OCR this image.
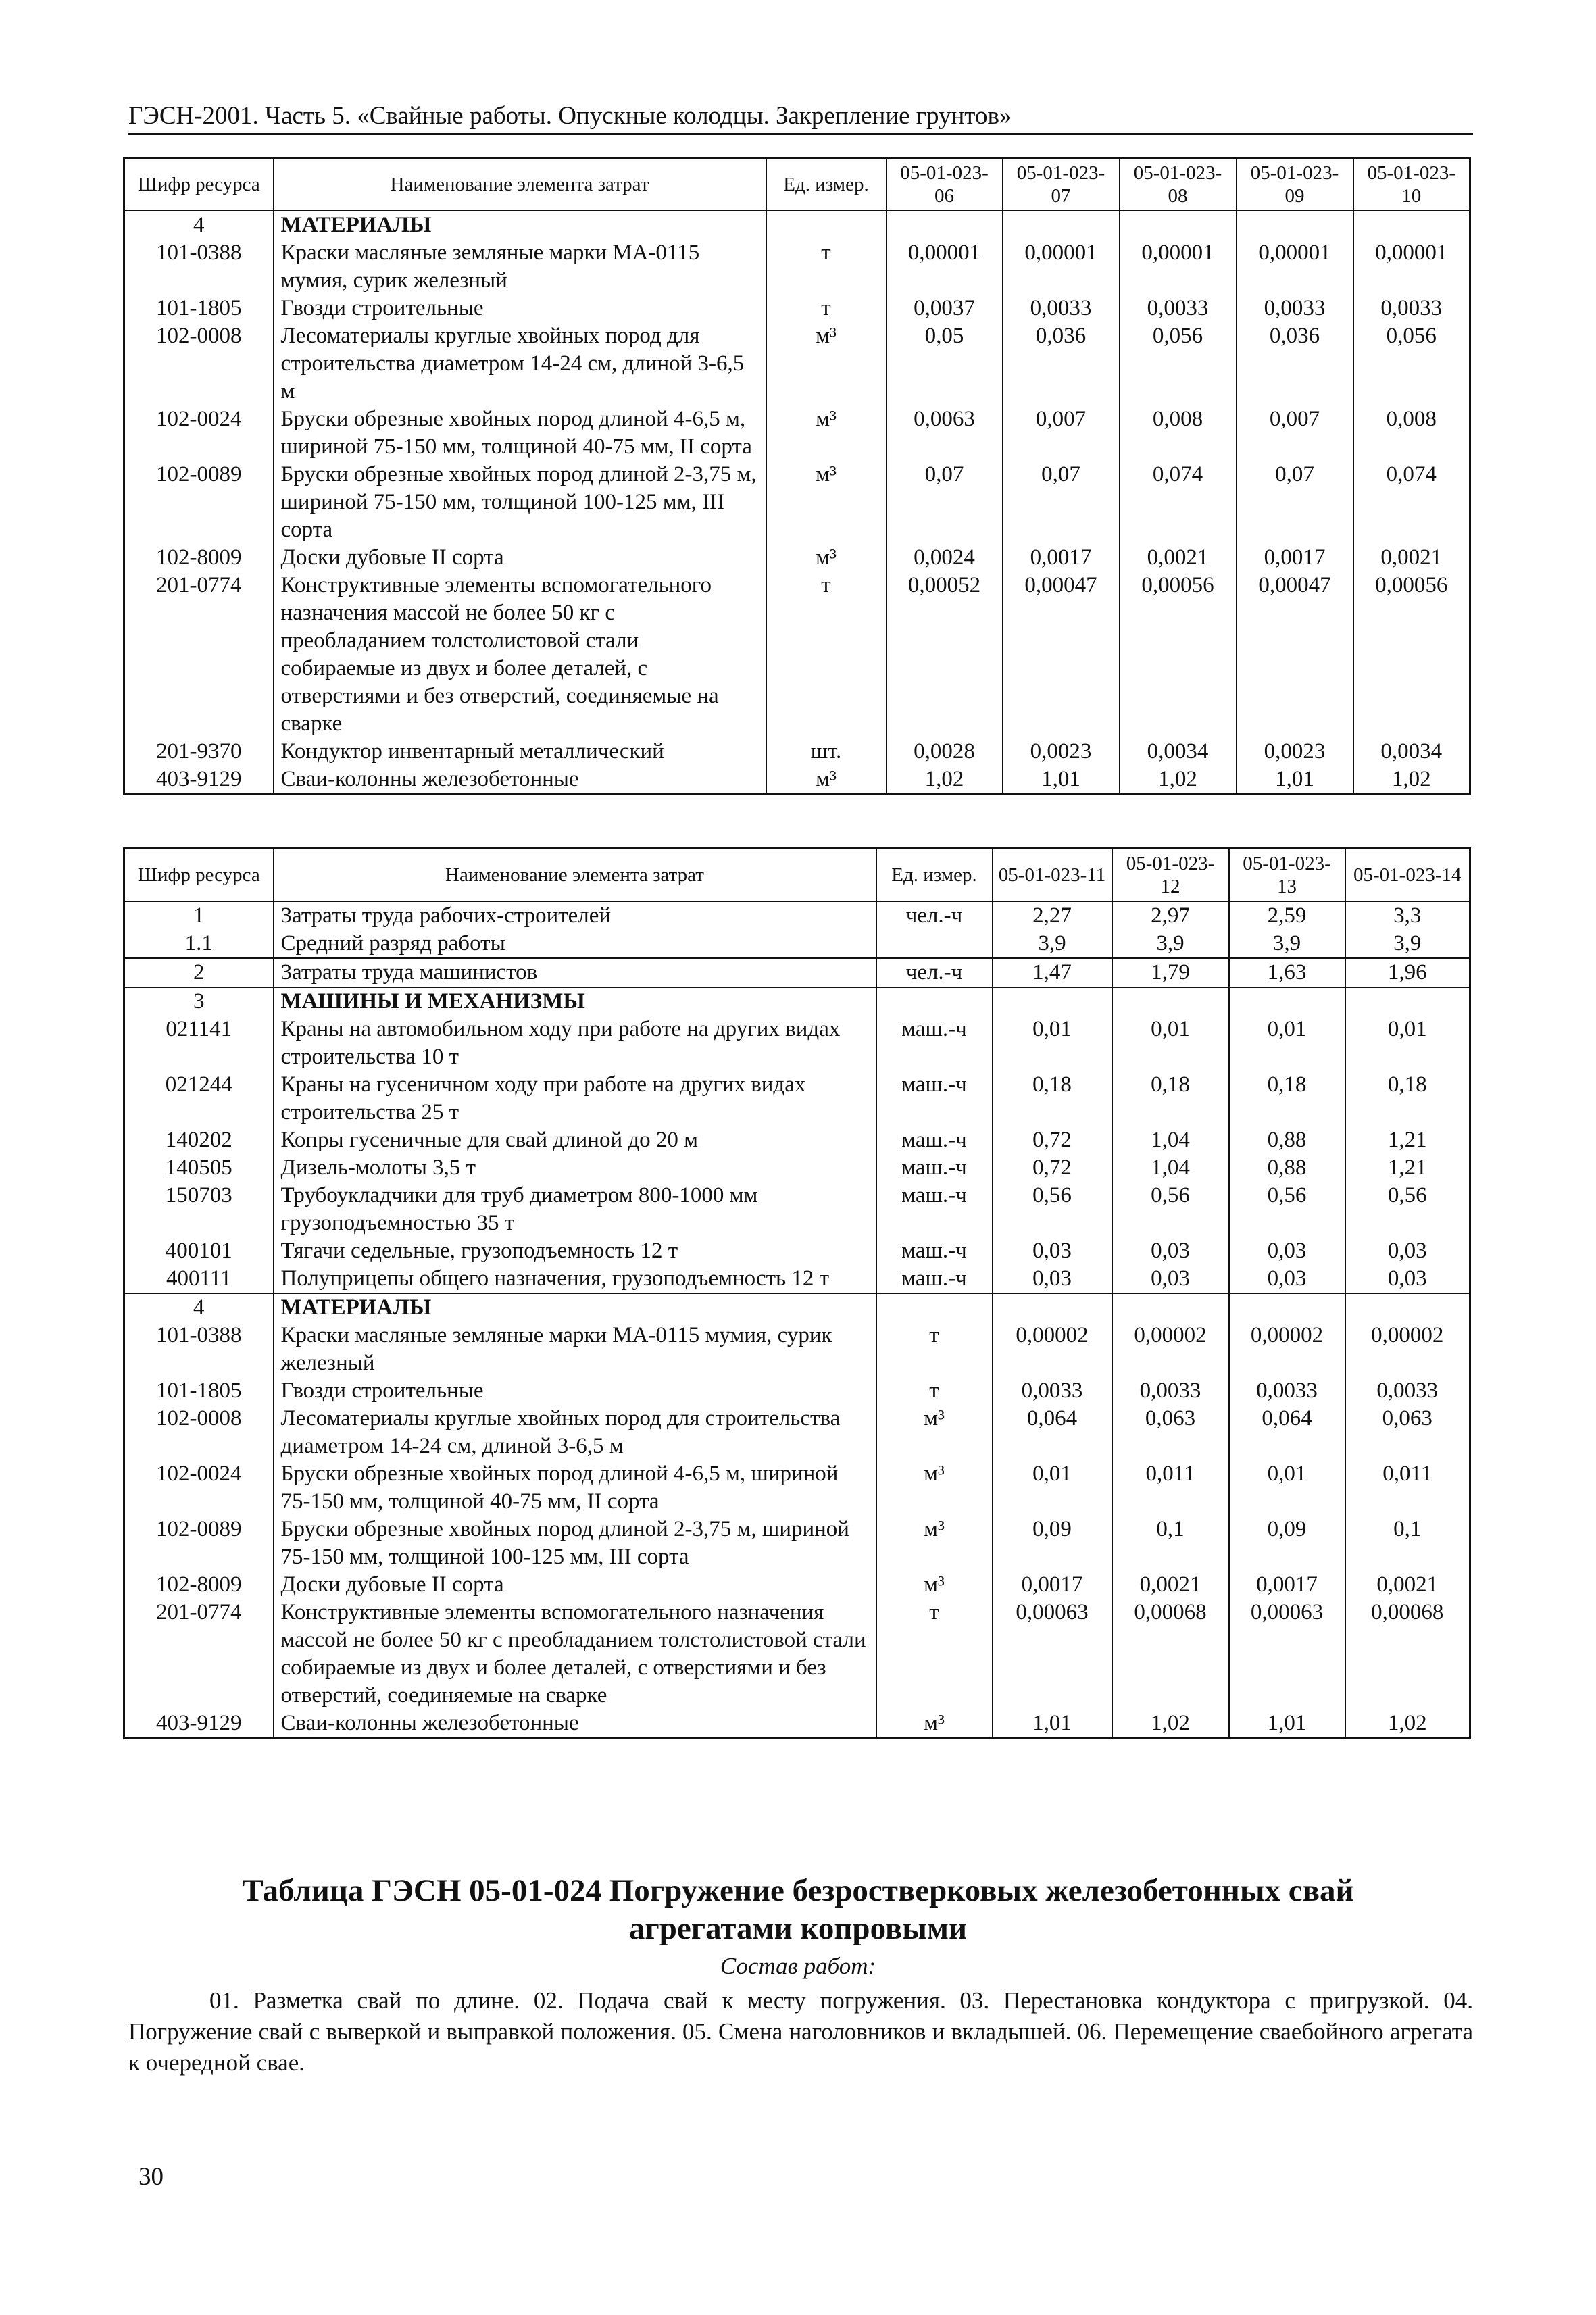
ГЭСН-2001. Часть 5. «Свайные работы. Опускные колодцы. Закрепление грунтов»
Шифр ресурса	Наименование элемента затрат	Ед. измер.	05-01-023-06	05-01-023-07	05-01-023-08	05-01-023-09	05-01-023-10
4	МАТЕРИАЛЫ						
101-0388	Краски масляные земляные марки МА-0115 мумия, сурик железный	т	0,00001	0,00001	0,00001	0,00001	0,00001
101-1805	Гвозди строительные	т	0,0037	0,0033	0,0033	0,0033	0,0033
102-0008	Лесоматериалы круглые хвойных пород для строительства диаметром 14-24 см, длиной 3-6,5 м	м³	0,05	0,036	0,056	0,036	0,056
102-0024	Бруски обрезные хвойных пород длиной 4-6,5 м, шириной 75-150 мм, толщиной 40-75 мм, II сорта	м³	0,0063	0,007	0,008	0,007	0,008
102-0089	Бруски обрезные хвойных пород длиной 2-3,75 м, шириной 75-150 мм, толщиной 100-125 мм, III сорта	м³	0,07	0,07	0,074	0,07	0,074
102-8009	Доски дубовые II сорта	м³	0,0024	0,0017	0,0021	0,0017	0,0021
201-0774	Конструктивные элементы вспомогательного назначения массой не более 50 кг с преобладанием толстолистовой стали собираемые из двух и более деталей, с отверстиями и без отверстий, соединяемые на сварке	т	0,00052	0,00047	0,00056	0,00047	0,00056
201-9370	Кондуктор инвентарный металлический	шт.	0,0028	0,0023	0,0034	0,0023	0,0034
403-9129	Сваи-колонны железобетонные	м³	1,02	1,01	1,02	1,01	1,02
Шифр ресурса	Наименование элемента затрат	Ед. измер.	05-01-023-11	05-01-023-12	05-01-023-13	05-01-023-14
1	Затраты труда рабочих-строителей	чел.-ч	2,27	2,97	2,59	3,3
1.1	Средний разряд работы		3,9	3,9	3,9	3,9
2	Затраты труда машинистов	чел.-ч	1,47	1,79	1,63	1,96
3	МАШИНЫ И МЕХАНИЗМЫ					
021141	Краны на автомобильном ходу при работе на других видах строительства 10 т	маш.-ч	0,01	0,01	0,01	0,01
021244	Краны на гусеничном ходу при работе на других видах строительства 25 т	маш.-ч	0,18	0,18	0,18	0,18
140202	Копры гусеничные для свай длиной до 20 м	маш.-ч	0,72	1,04	0,88	1,21
140505	Дизель-молоты 3,5 т	маш.-ч	0,72	1,04	0,88	1,21
150703	Трубоукладчики для труб диаметром 800-1000 мм грузоподъемностью 35 т	маш.-ч	0,56	0,56	0,56	0,56
400101	Тягачи седельные, грузоподъемность 12 т	маш.-ч	0,03	0,03	0,03	0,03
400111	Полуприцепы общего назначения, грузоподъемность 12 т	маш.-ч	0,03	0,03	0,03	0,03
4	МАТЕРИАЛЫ					
101-0388	Краски масляные земляные марки МА-0115 мумия, сурик железный	т	0,00002	0,00002	0,00002	0,00002
101-1805	Гвозди строительные	т	0,0033	0,0033	0,0033	0,0033
102-0008	Лесоматериалы круглые хвойных пород для строительства диаметром 14-24 см, длиной 3-6,5 м	м³	0,064	0,063	0,064	0,063
102-0024	Бруски обрезные хвойных пород длиной 4-6,5 м, шириной 75-150 мм, толщиной 40-75 мм, II сорта	м³	0,01	0,011	0,01	0,011
102-0089	Бруски обрезные хвойных пород длиной 2-3,75 м, шириной 75-150 мм, толщиной 100-125 мм, III сорта	м³	0,09	0,1	0,09	0,1
102-8009	Доски дубовые II сорта	м³	0,0017	0,0021	0,0017	0,0021
201-0774	Конструктивные элементы вспомогательного назначения массой не более 50 кг с преобладанием толстолистовой стали собираемые из двух и более деталей, с отверстиями и без отверстий, соединяемые на сварке	т	0,00063	0,00068	0,00063	0,00068
403-9129	Сваи-колонны железобетонные	м³	1,01	1,02	1,01	1,02
Таблица ГЭСН 05-01-024 Погружение безростверковых железобетонных свай
агрегатами копровыми
Состав работ:
01. Разметка свай по длине. 02. Подача свай к месту погружения. 03. Перестановка кондуктора с пригрузкой. 04. Погружение свай с выверкой и выправкой положения. 05. Смена наголовников и вкладышей. 06. Перемещение сваебойного агрегата к очередной свае.
30
